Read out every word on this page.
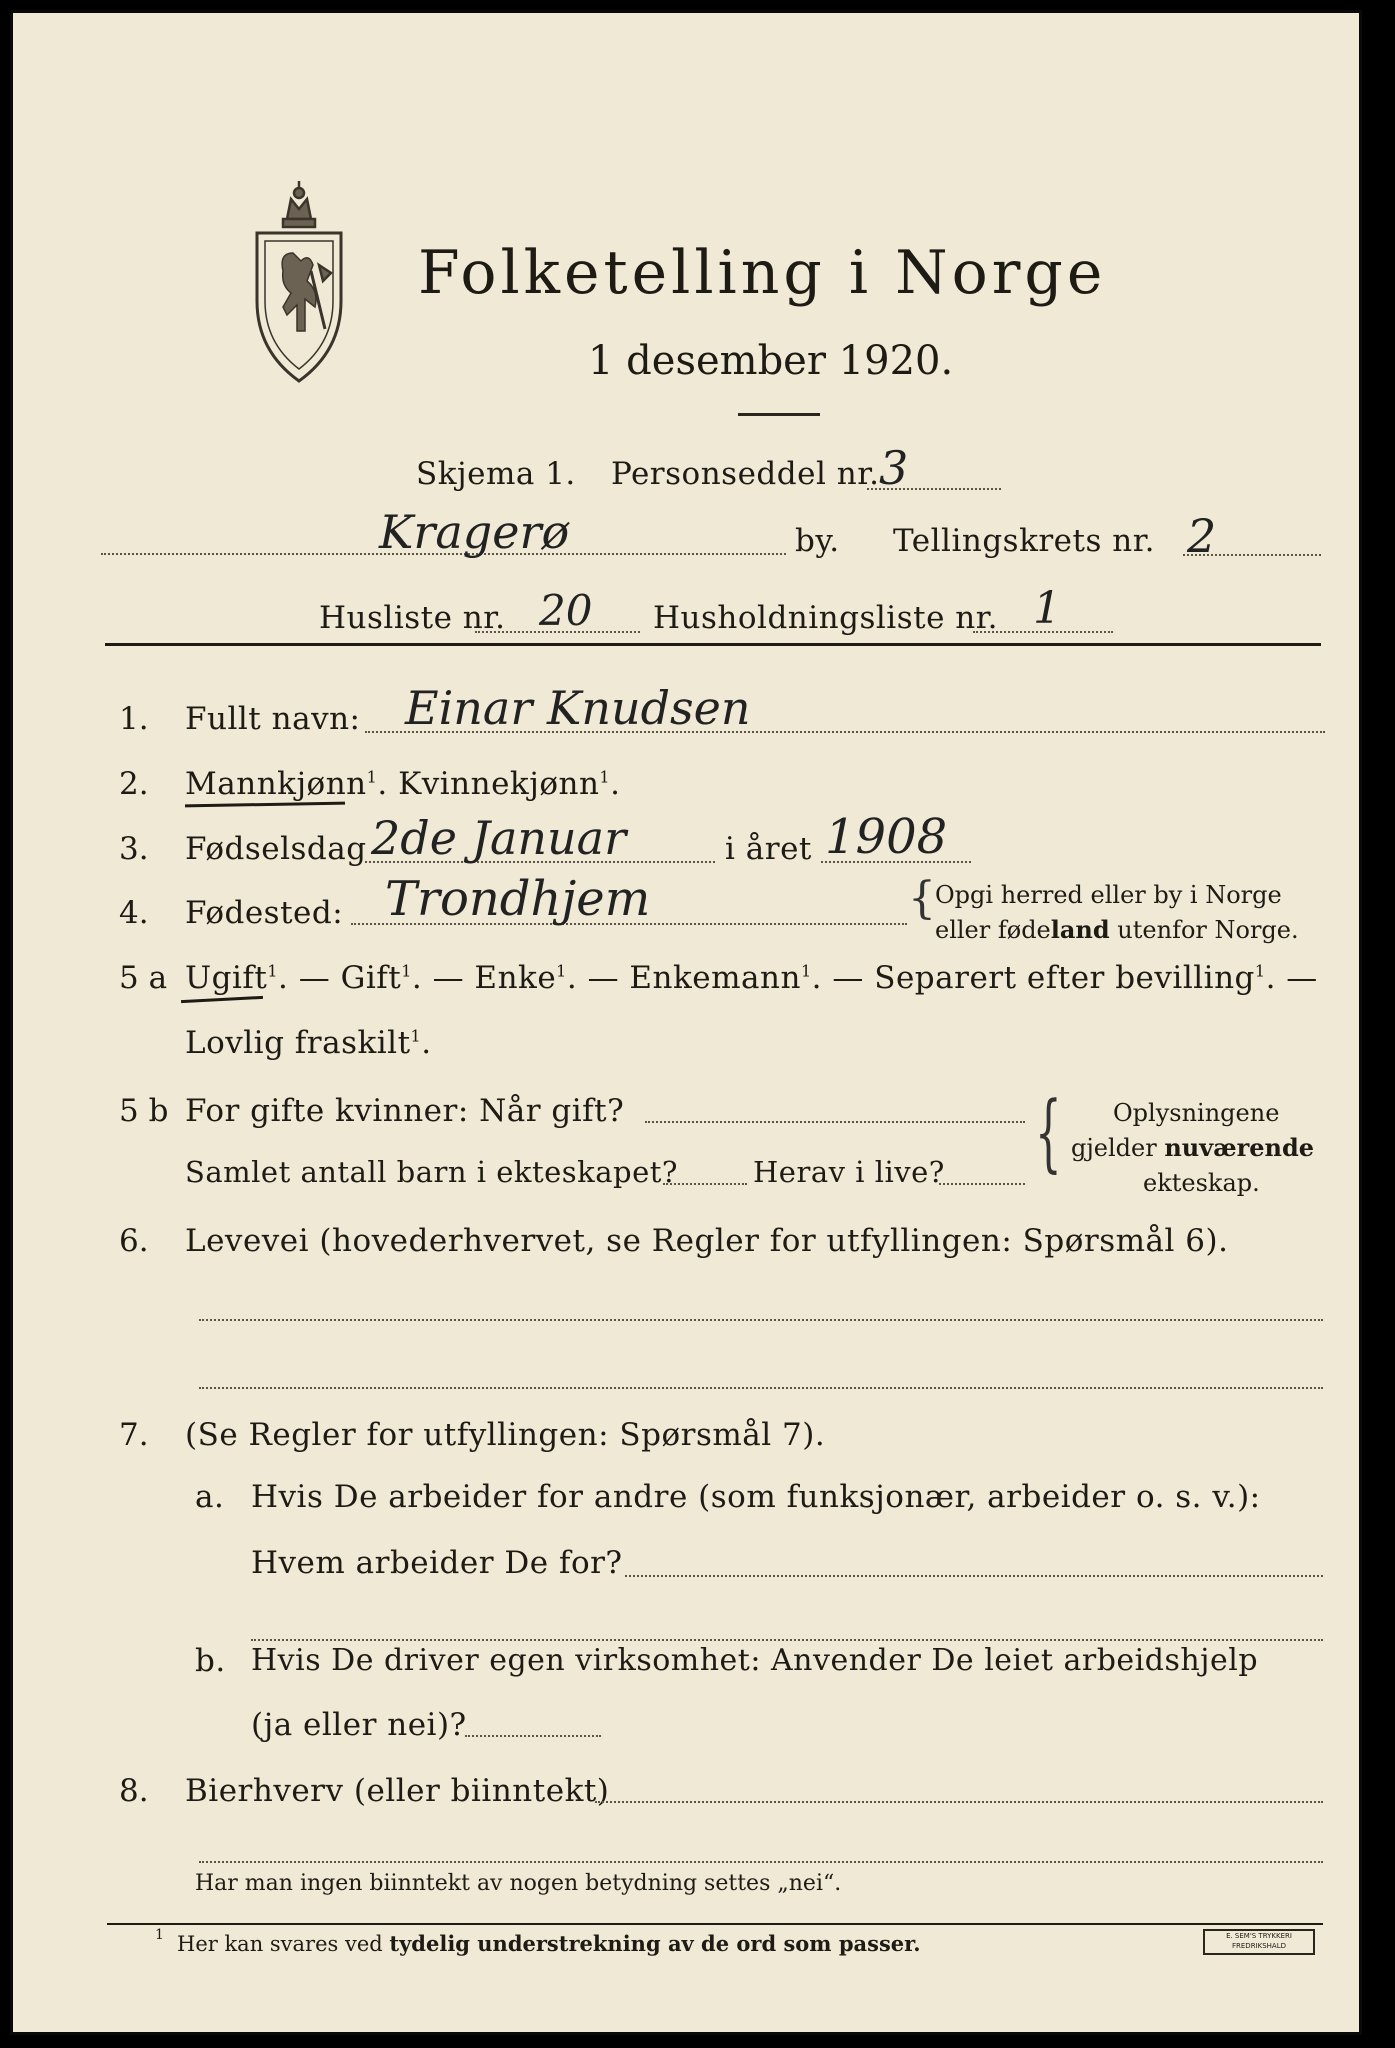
Folketelling i Norge
1 desember 1920.
Skjema 1. Personseddel nr. 3
Kragerø	by. Tellingskrets nr. 2
Husliste nr. 20 Husholdningsliste nr. 1
1. Fullt navn: Einar Knudsen
2. Mannkjønn$^1$. Kvinnekjønn$^1$.
3. Fødselsdag 2de Januar	i året 1908
4. Fødested: Trondhjem	{ Opgi herred eller by i Norge
eller fødeland utenfor Norge.
5 a Ugift$^1$. — Gift$^1$. — Enke$^1$. — Enkemann$^1$. — Separert efter bevilling$^1$. —
Lovlig fraskilt$^1$.
5 b For gifte kvinner: Når gift?
Samlet antall barn i ekteskapet?	Herav i live? { Oplysningene
gjelder nuværende
ekteskap.
6. Levevei (hovederhvervet, se Regler for utfyllingen: Spørsmål 6).
7. (Se Regler for utfyllingen: Spørsmål 7).
a. Hvis De arbeider for andre (som funksjonær, arbeider o. s. v.):
Hvem arbeider De for?
b. Hvis De driver egen virksomhet: Anvender De leiet arbeidshjelp
(ja eller nei)?
8. Bierhverv (eller biinntekt)
Har man ingen biinntekt av nogen betydning settes „nei“.
1 Her kan svares ved tydelig understrekning av de ord som passer.	E. SEM'S TRYKKERI
FREDRIKSHALD
